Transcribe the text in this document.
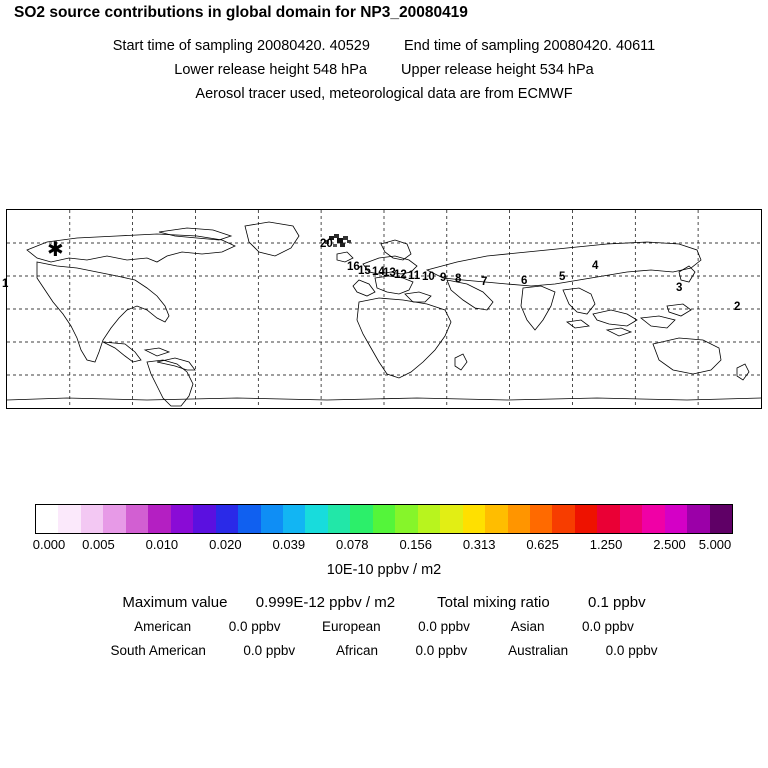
SO2 source contributions in global domain for NP3_20080419
Start time of sampling 20080420. 40529 End time of sampling 20080420. 40611
Lower release height 548 hPa Upper release height 534 hPa
Aerosol tracer used, meteorological data are from ECMWF
✱
1
4
5
6
7
8
9
10
11
12
13
14
15
16
20
3
2
0.000 0.005 0.010 0.020 0.039 0.078 0.156 0.313 0.625 1.250 2.500 5.000
10E-10 ppbv / m2
Maximum value 0.999E-12 ppbv / m2	Total mixing ratio	0.1 ppbv
American	0.0 ppbv	European	0.0 ppbv	Asian	0.0 ppbv
South American	0.0 ppbv	African	0.0 ppbv	Australian	0.0 ppbv
